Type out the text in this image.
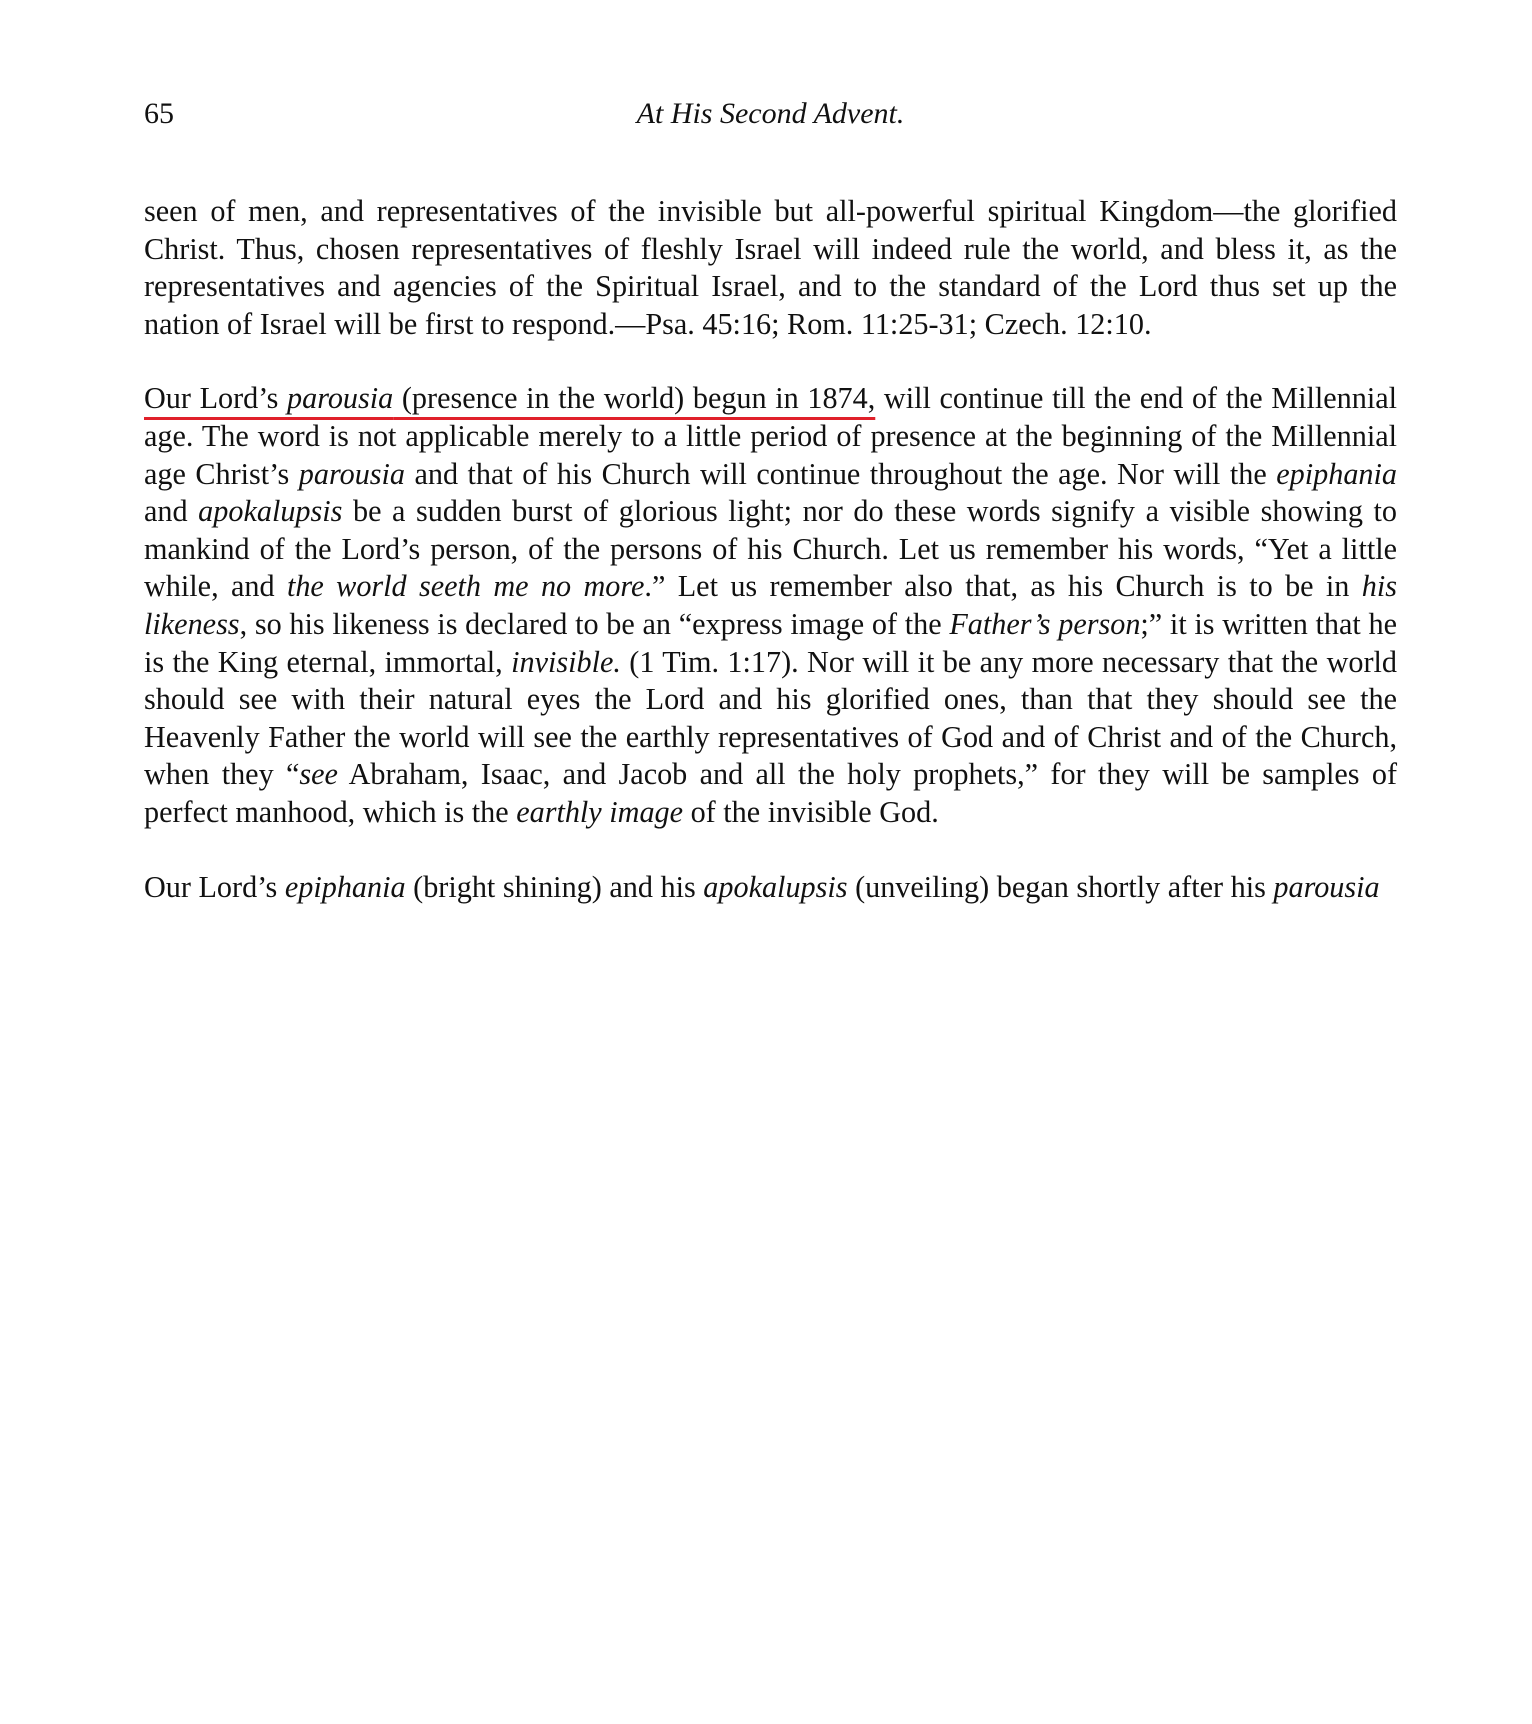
65	At His Second Advent.

seen of men, and representatives of the invisible but all-powerful spiritual Kingdom—the glorified Christ. Thus, chosen representatives of fleshly Israel will indeed rule the world, and bless it, as the representatives and agencies of the Spiritual Israel, and to the standard of the Lord thus set up the nation of Israel will be first to respond.—Psa. 45:16; Rom. 11:25-31; Czech. 12:10.

Our Lord’s parousia (presence in the world) begun in 1874, will continue till the end of the Millennial age. The word is not applicable merely to a little period of presence at the beginning of the Millennial age Christ’s parousia and that of his Church will continue throughout the age. Nor will the epiphania and apokalupsis be a sudden burst of glorious light; nor do these words signify a visible showing to mankind of the Lord’s person, of the persons of his Church. Let us remember his words, “Yet a little while, and the world seeth me no more.” Let us remember also that, as his Church is to be in his likeness, so his likeness is declared to be an “express image of the Father’s person;” it is written that he is the King eternal, immortal, invisible. (1 Tim. 1:17). Nor will it be any more necessary that the world should see with their natural eyes the Lord and his glorified ones, than that they should see the Heavenly Father the world will see the earthly representatives of God and of Christ and of the Church, when they “see Abraham, Isaac, and Jacob and all the holy prophets,” for they will be samples of perfect manhood, which is the earthly image of the invisible God.

Our Lord’s epiphania (bright shining) and his apokalupsis (unveiling) began shortly after his parousia
